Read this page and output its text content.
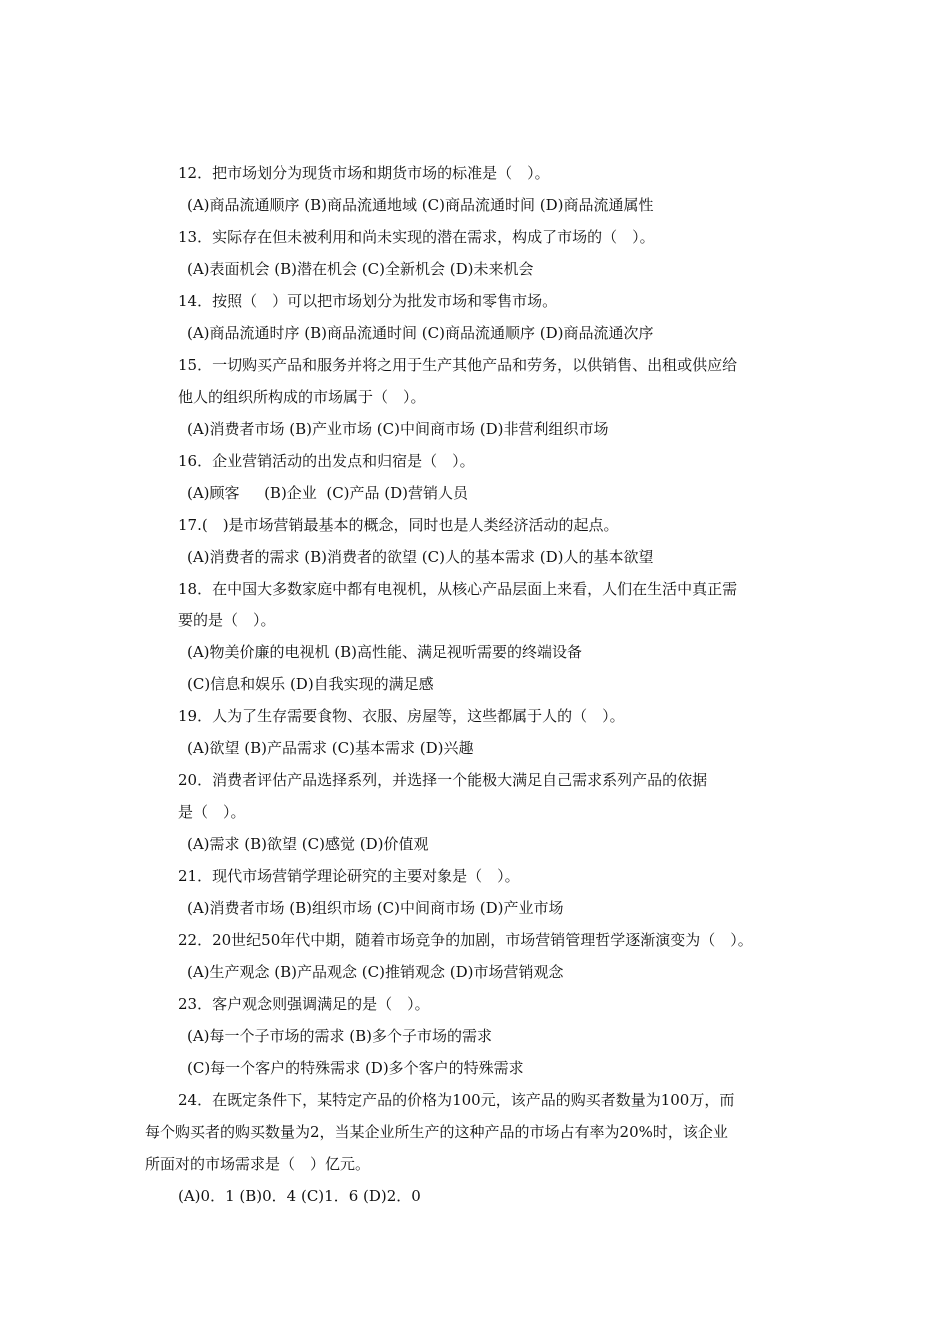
12．把市场划分为现货市场和期货市场的标准是（　）。
(A)商品流通顺序 (B)商品流通地域 (C)商品流通时间 (D)商品流通属性
13．实际存在但未被利用和尚未实现的潜在需求，构成了市场的（　）。
(A)表面机会 (B)潜在机会 (C)全新机会 (D)未来机会
14．按照（　）可以把市场划分为批发市场和零售市场。
(A)商品流通时序 (B)商品流通时间 (C)商品流通顺序 (D)商品流通次序
15．一切购买产品和服务并将之用于生产其他产品和劳务，以供销售、出租或供应给
他人的组织所构成的市场属于（　）。
(A)消费者市场 (B)产业市场 (C)中间商市场 (D)非营利组织市场
16．企业营销活动的出发点和归宿是（　）。
(A)顾客　  (B)企业  (C)产品 (D)营销人员
17.(　)是市场营销最基本的概念，同时也是人类经济活动的起点。
(A)消费者的需求 (B)消费者的欲望 (C)人的基本需求 (D)人的基本欲望
18．在中国大多数家庭中都有电视机，从核心产品层面上来看，人们在生活中真正需
要的是（　）。
(A)物美价廉的电视机 (B)高性能、满足视听需要的终端设备
(C)信息和娱乐 (D)自我实现的满足感
19．人为了生存需要食物、衣服、房屋等，这些都属于人的（　）。
(A)欲望 (B)产品需求 (C)基本需求 (D)兴趣
20．消费者评估产品选择系列，并选择一个能极大满足自己需求系列产品的依据
是（　）。
(A)需求 (B)欲望 (C)感觉 (D)价值观
21．现代市场营销学理论研究的主要对象是（　）。
(A)消费者市场 (B)组织市场 (C)中间商市场 (D)产业市场
22．20世纪50年代中期，随着市场竞争的加剧，市场营销管理哲学逐渐演变为（　）。
(A)生产观念 (B)产品观念 (C)推销观念 (D)市场营销观念
23．客户观念则强调满足的是（　）。
(A)每一个子市场的需求 (B)多个子市场的需求
(C)每一个客户的特殊需求 (D)多个客户的特殊需求
24．在既定条件下，某特定产品的价格为100元，该产品的购买者数量为100万，而
每个购买者的购买数量为2，当某企业所生产的这种产品的市场占有率为20%时，该企业
所面对的市场需求是（　）亿元。
(A)0．1 (B)0．4 (C)1．6 (D)2．0
